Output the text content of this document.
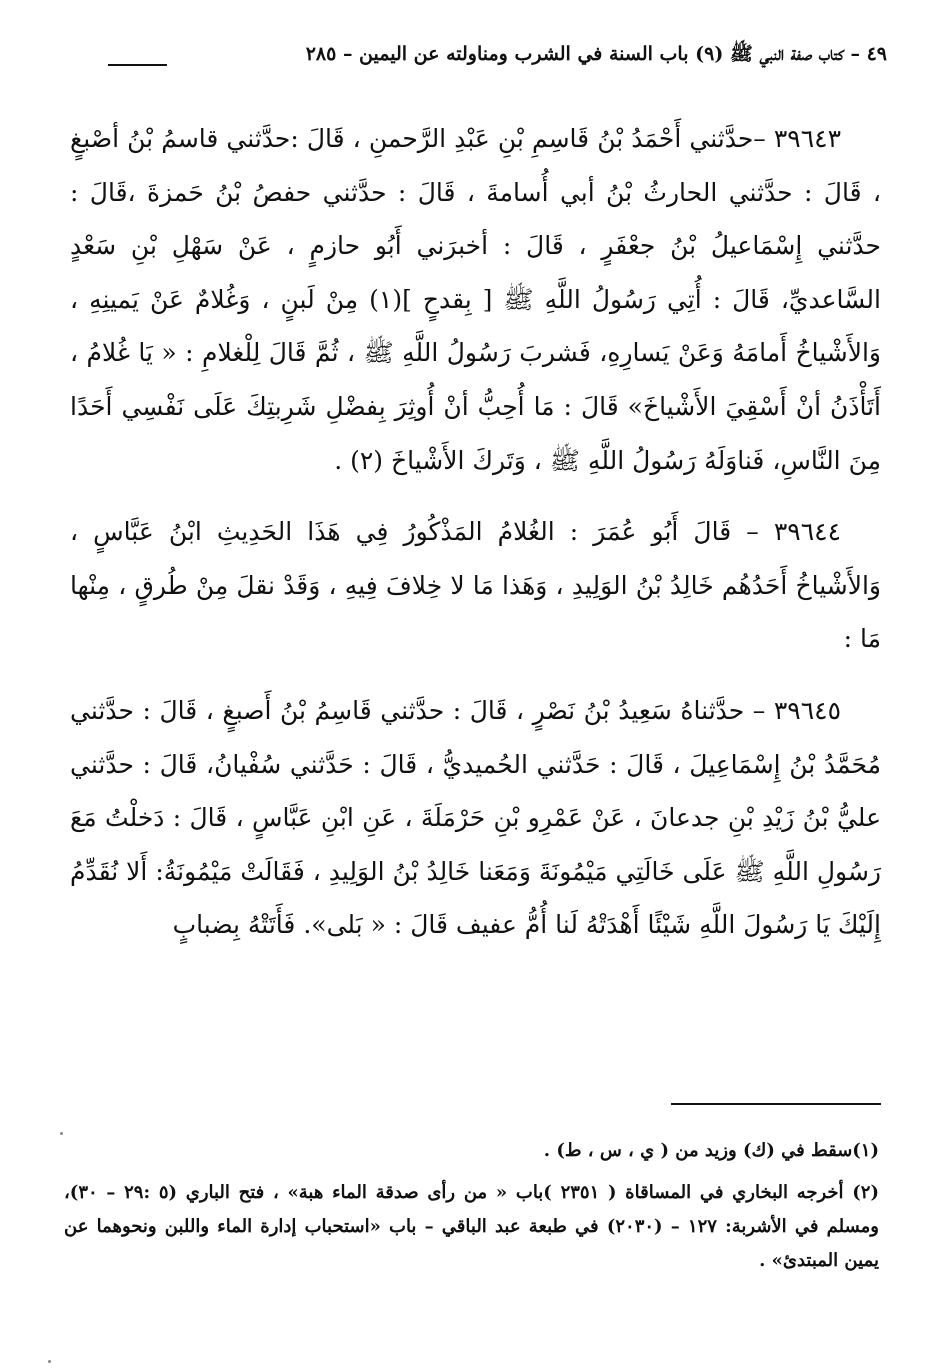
٤٩ – كتاب صفة النبي ﷺ (٩) باب السنة في الشرب ومناولته عن اليمين – ٢٨٥

٣٩٦٤٣ –حدَّثني أَحْمَدُ بْنُ قَاسِمِ بْنِ عَبْدِ الرَّحمنِ ، قَالَ :حدَّثني قاسمُ بْنُ أصْبغٍ ، قَالَ : حدَّثني الحارثُ بْنُ أبي أُسامةَ ، قَالَ : حدَّثني حفصُ بْنُ حَمزةَ ،قَالَ : حدَّثني إِسْمَاعيلُ بْنُ جعْفَرٍ ، قَالَ : أخبرَني أَبُو حازمٍ ، عَنْ سَهْلِ بْنِ سَعْدٍ السَّاعديِّ، قَالَ : أُتِي رَسُولُ اللَّهِ ﷺ [ بِقدحٍ ](١) مِنْ لَبنٍ ، وَغُلامٌ عَنْ يَمينِهِ ، وَالأَشْياخُ أَمامَهُ وَعَنْ يَسارِهِ، فَشربَ رَسُولُ اللَّهِ ﷺ ، ثُمَّ قَالَ لِلْغلامِ : « يَا غُلامُ ، أَتَأْذَنُ أنْ أَسْقِيَ الأَشْياخَ» قَالَ : مَا أُحِبُّ أنْ أُوثِرَ بِفضْلِ شَرِبتِكَ عَلَى نَفْسِي أَحَدًا مِنَ النَّاسِ، فَناوَلَهُ رَسُولُ اللَّهِ ﷺ ، وَتَركَ الأَشْياخَ (٢) .

٣٩٦٤٤ – قَالَ أَبُو عُمَرَ : الغُلامُ المَذْكُورُ فِي هَذَا الحَدِيثِ ابْنُ عَبَّاسٍ ، وَالأَشْياخُ أَحَدُهُم خَالِدُ بْنُ الوَلِيدِ ، وَهَذا مَا لا خِلافَ فِيهِ ، وَقَدْ نقلَ مِنْ طُرقٍ ، مِنْها مَا :

٣٩٦٤٥ – حدَّثناهُ سَعِيدُ بْنُ نَصْرٍ ، قَالَ : حدَّثني قَاسِمُ بْنُ أَصبغٍ ، قَالَ : حدَّثني مُحَمَّدُ بْنُ إِسْمَاعِيلَ ، قَالَ : حَدَّثني الحُميديُّ ، قَالَ : حَدَّثني سُفْيانُ، قَالَ : حدَّثني عليُّ بْنُ زَيْدِ بْنِ جدعانَ ، عَنْ عَمْرِو بْنِ حَرْمَلَةَ ، عَنِ ابْنِ عَبَّاسٍ ، قَالَ : دَخلْتُ مَعَ رَسُولِ اللَّهِ ﷺ عَلَى خَالَتِي مَيْمُونَةَ وَمَعَنا خَالِدُ بْنُ الوَلِيدِ ، فَقَالَتْ مَيْمُونَةُ: أَلا نُقَدِّمُ إِلَيْكَ يَا رَسُولَ اللَّهِ شَيْئًا أَهْدَتْهُ لَنا أُمُّ عفيف قَالَ : « بَلى». فَأَتَتْهُ بِضبابٍ

(١)سقط في (ك) وزيد من ( ي ، س ، ط) .

(٢) أخرجه البخاري في المساقاة ( ٢٣٥١ )باب « من رأى صدقة الماء هبة» ، فتح الباري (٥ :٢٩ – ٣٠)، ومسلم في الأشربة: ١٢٧ – (٢٠٣٠) في طبعة عبد الباقي – باب «استحباب إدارة الماء واللبن ونحوهما عن يمين المبتدئ» .
